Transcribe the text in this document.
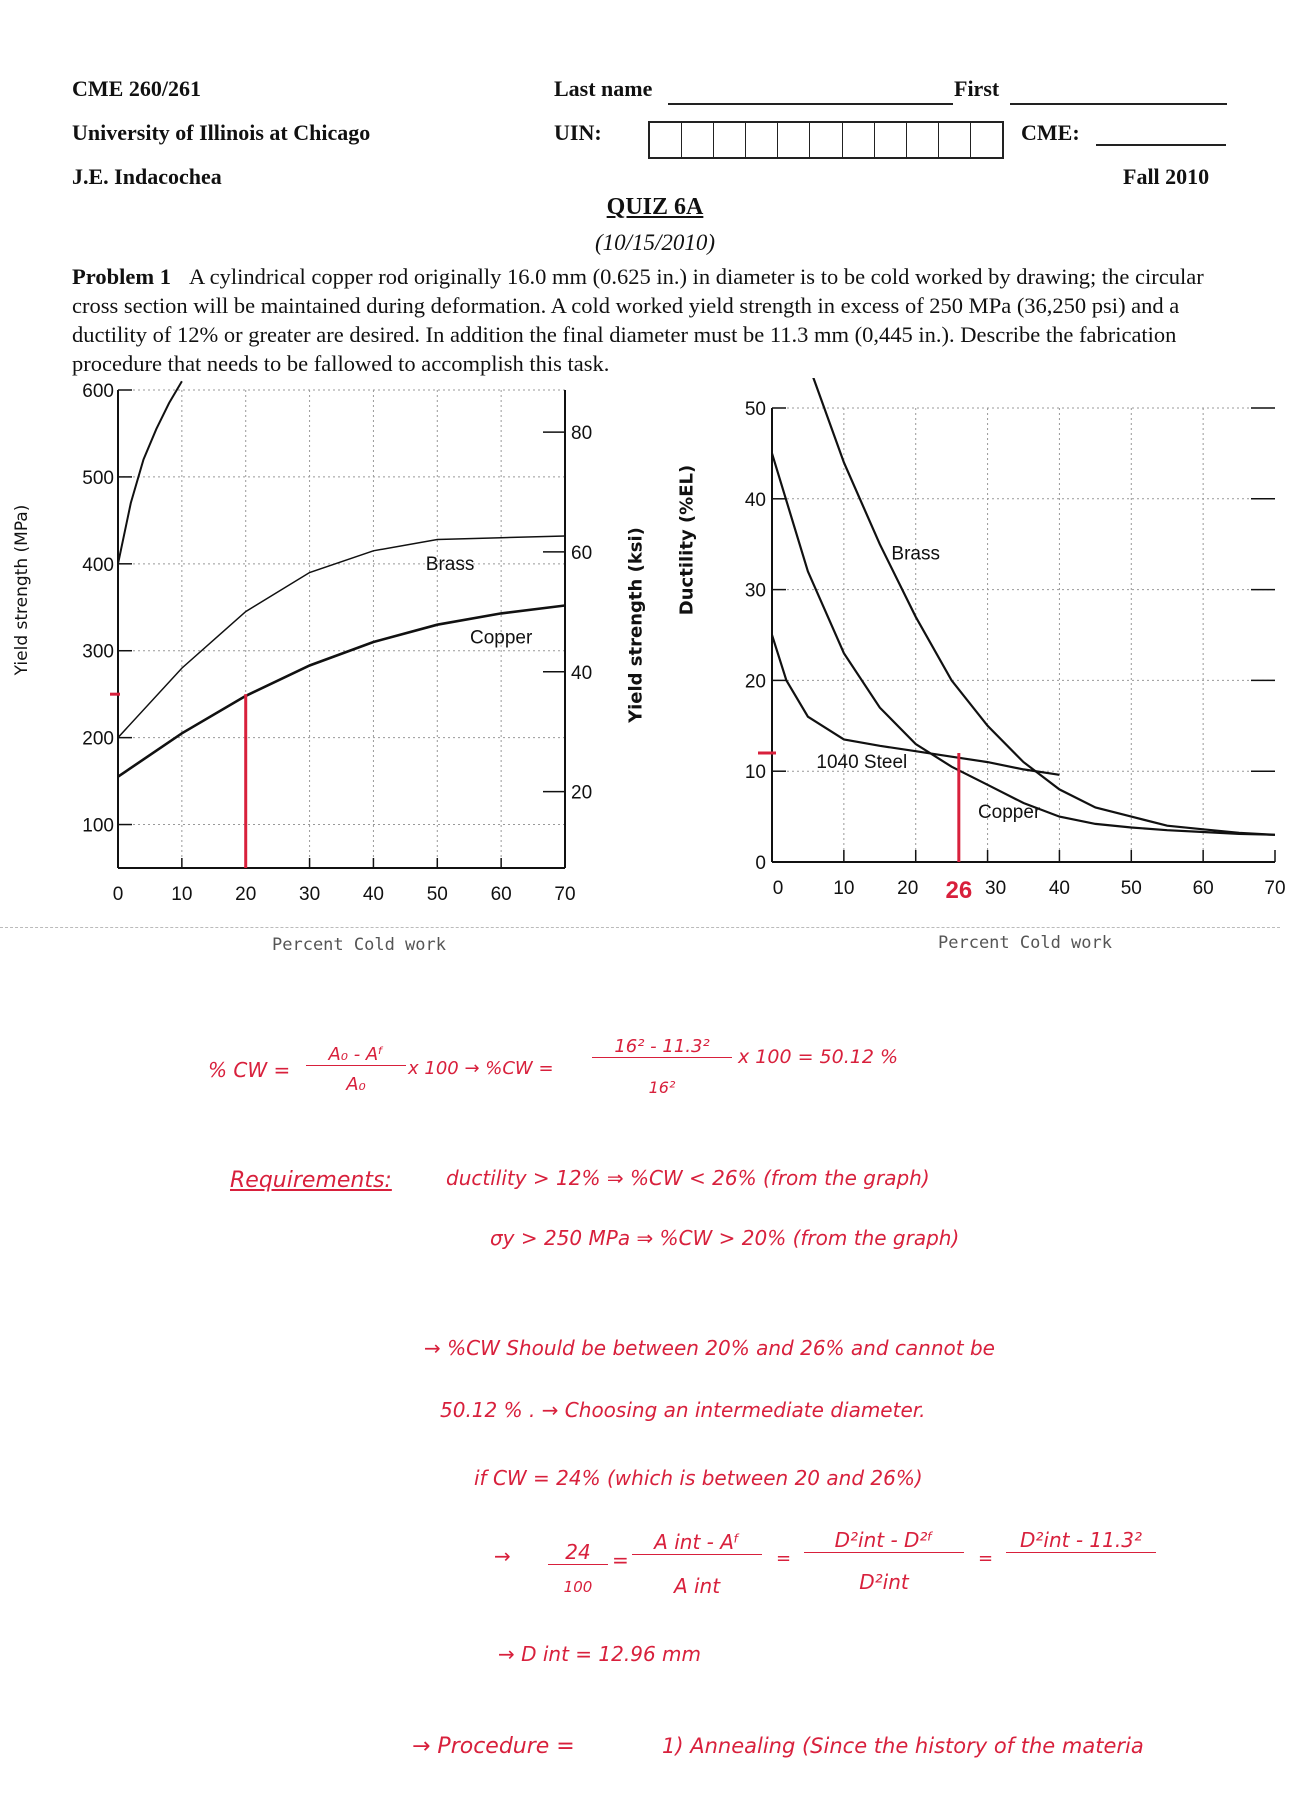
CME 260/261
University of Illinois at Chicago
J.E. Indacochea
Last name	First
UIN:	CME:
Fall 2010
QUIZ 6A
(10/15/2010)
Problem 1 A cylindrical copper rod originally 16.0 mm (0.625 in.) in diameter is to be cold worked by drawing; the circular cross section will be maintained during deformation. A cold worked yield strength in excess of 250 MPa (36,250 psi) and a ductility of 12% or greater are desired. In addition the final diameter must be 11.3 mm (0,445 in.). Describe the fabrication procedure that needs to be fallowed to accomplish this task.
Yield strength (MPa)	Yield strength (ksi) Ductility (%EL)
0	10 20 30 40 50 60 70
100
200
300
400
500
600
20
40
60
80
Brass
Copper
0	10 20	30 40	50	60	70
0
10
20
30
40
50
Brass
Copper
1040 Steel
26
Percent Cold work	Percent Cold work
% CW =
A₀ - Aᶠ
A₀
x 100 → %CW =
16² - 11.3²
16²
x 100 = 50.12 %
Requirements:	ductility > 12% ⇒ %CW < 26% (from the graph)
σy > 250 MPa ⇒ %CW > 20% (from the graph)
→ %CW Should be between 20% and 26% and cannot be
50.12 % . → Choosing an intermediate diameter.
if CW = 24% (which is between 20 and 26%)
→	24
100
=
A int - Aᶠ
A int
=
D²int - D²ᶠ
D²int
=
D²int - 11.3²
→ D int = 12.96 mm
→ Procedure =	1) Annealing (Since the history of the materia
